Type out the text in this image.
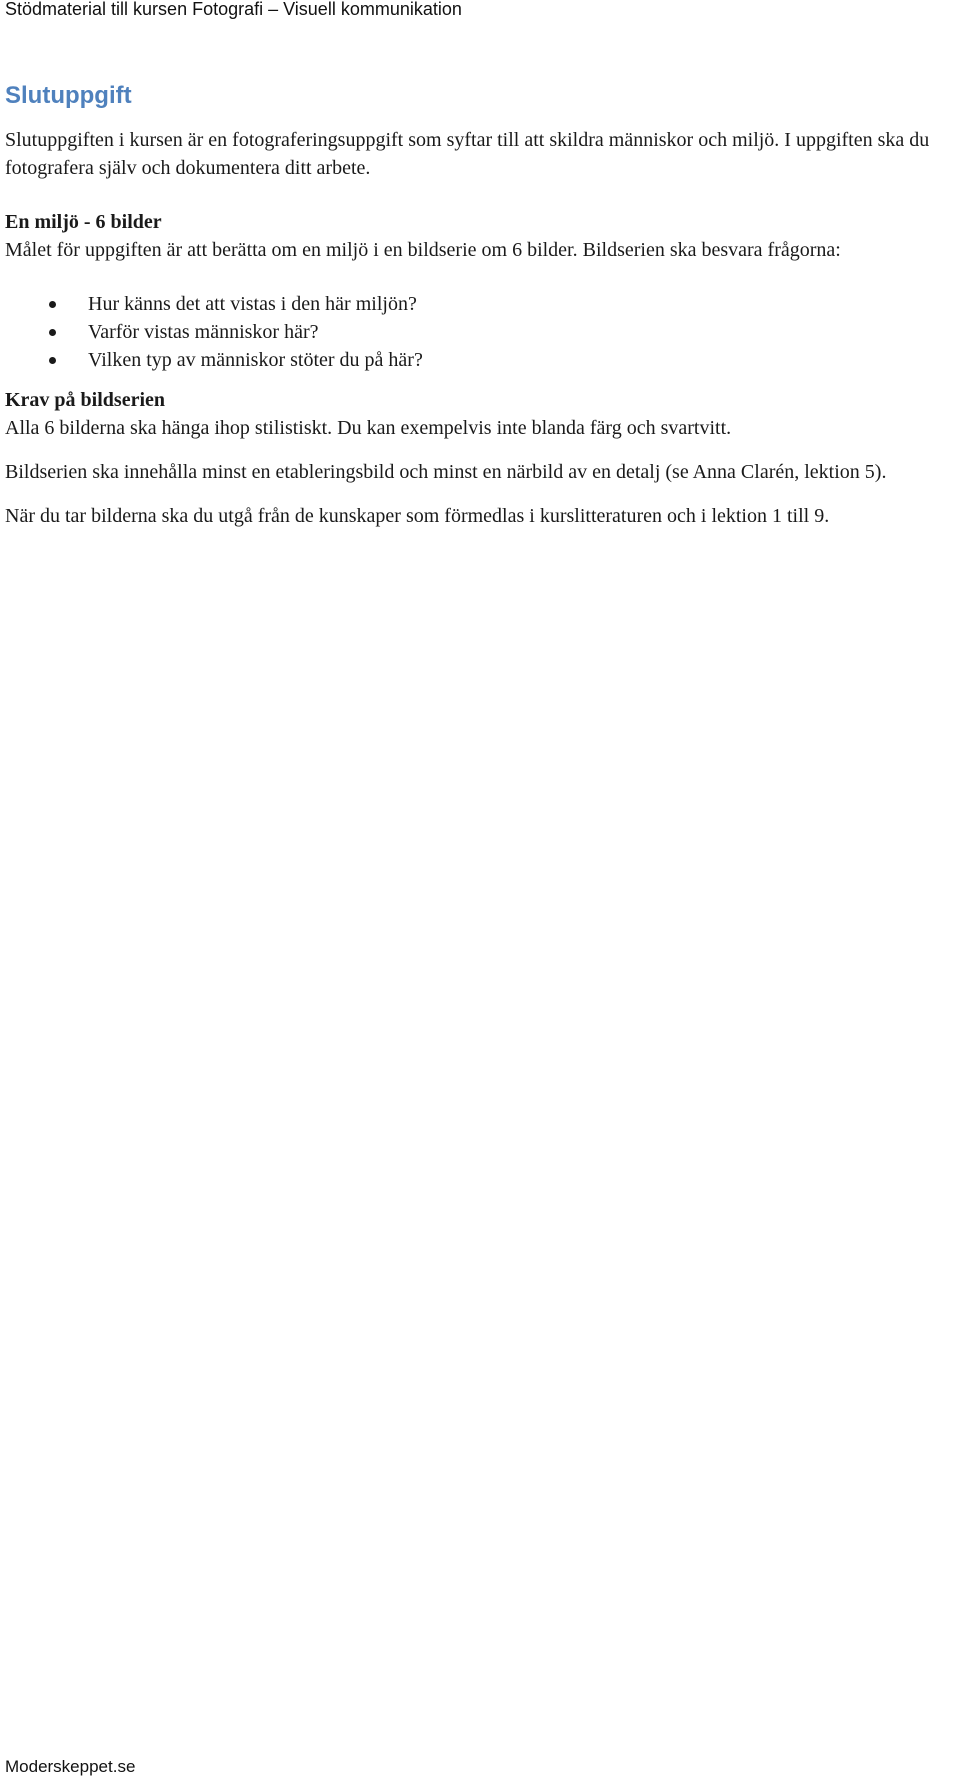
Stödmaterial till kursen Fotografi – Visuell kommunikation
Slutuppgift

Slutuppgiften i kursen är en fotograferingsuppgift som syftar till att skildra människor och miljö. I uppgiften ska du fotografera själv och dokumentera ditt arbete.

En miljö - 6 bilder

Målet för uppgiften är att berätta om en miljö i en bildserie om 6 bilder. Bildserien ska besvara frågorna:

Hur känns det att vistas i den här miljön?
Varför vistas människor här?
Vilken typ av människor stöter du på här?

Krav på bildserien

Alla 6 bilderna ska hänga ihop stilistiskt. Du kan exempelvis inte blanda färg och svartvitt.

Bildserien ska innehålla minst en etableringsbild och minst en närbild av en detalj (se Anna Clarén, lektion 5).

När du tar bilderna ska du utgå från de kunskaper som förmedlas i kurslitteraturen och i lektion 1 till 9.

Moderskeppet.se
